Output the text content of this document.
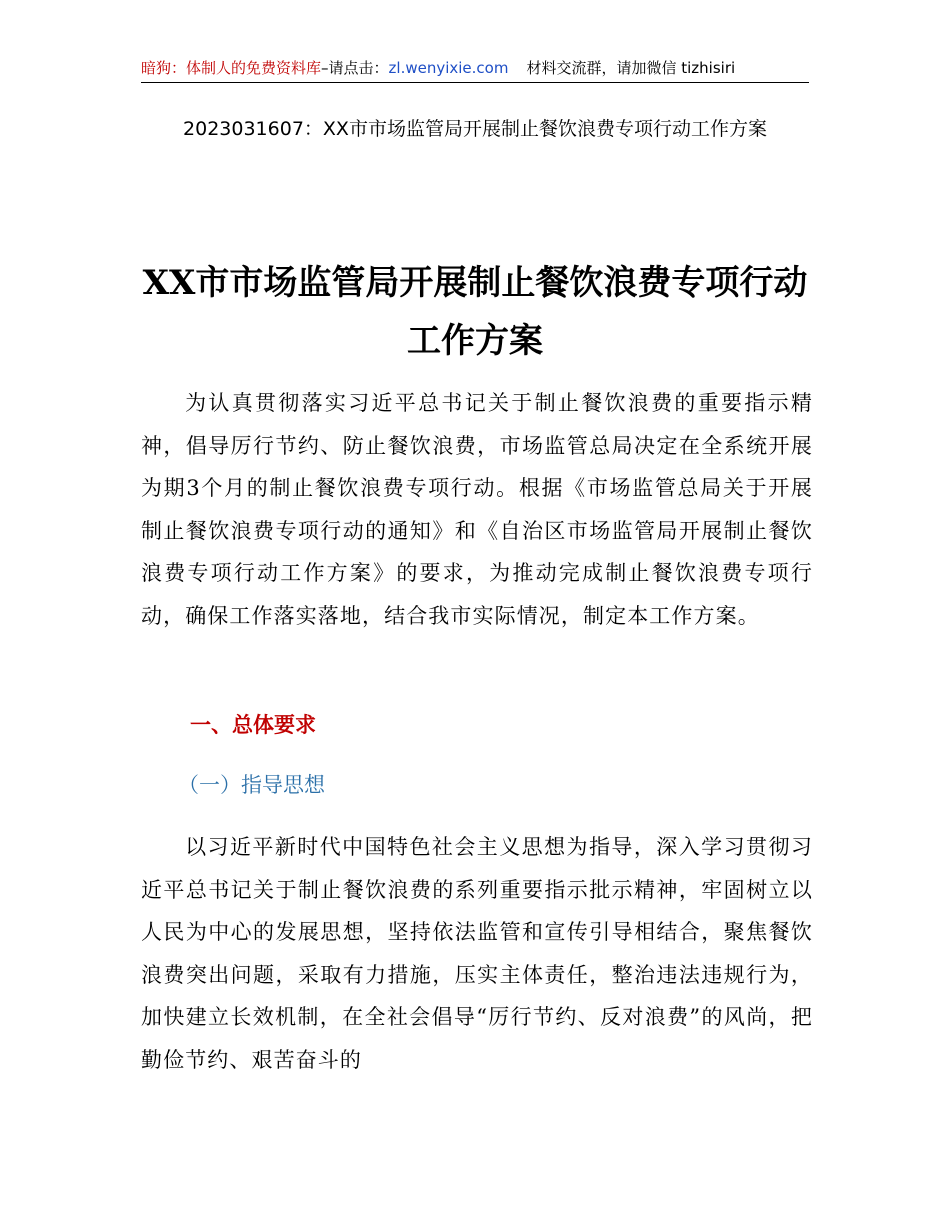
暗狗：体制人的免费资料库–请点击：zl.wenyixie.com 材料交流群，请加微信 tizhisiri
2023031607：XX市市场监管局开展制止餐饮浪费专项行动工作方案
XX市市场监管局开展制止餐饮浪费专项行动工作方案

为认真贯彻落实习近平总书记关于制止餐饮浪费的重要指示精神，倡导厉行节约、防止餐饮浪费，市场监管总局决定在全系统开展为期3个月的制止餐饮浪费专项行动。根据《市场监管总局关于开展制止餐饮浪费专项行动的通知》和《自治区市场监管局开展制止餐饮浪费专项行动工作方案》的要求，为推动完成制止餐饮浪费专项行动，确保工作落实落地，结合我市实际情况，制定本工作方案。

一、总体要求
（一）指导思想

以习近平新时代中国特色社会主义思想为指导，深入学习贯彻习近平总书记关于制止餐饮浪费的系列重要指示批示精神，牢固树立以人民为中心的发展思想，坚持依法监管和宣传引导相结合，聚焦餐饮浪费突出问题，采取有力措施，压实主体责任，整治违法违规行为，加快建立长效机制，在全社会倡导“厉行节约、反对浪费”的风尚，把勤俭节约、艰苦奋斗的
